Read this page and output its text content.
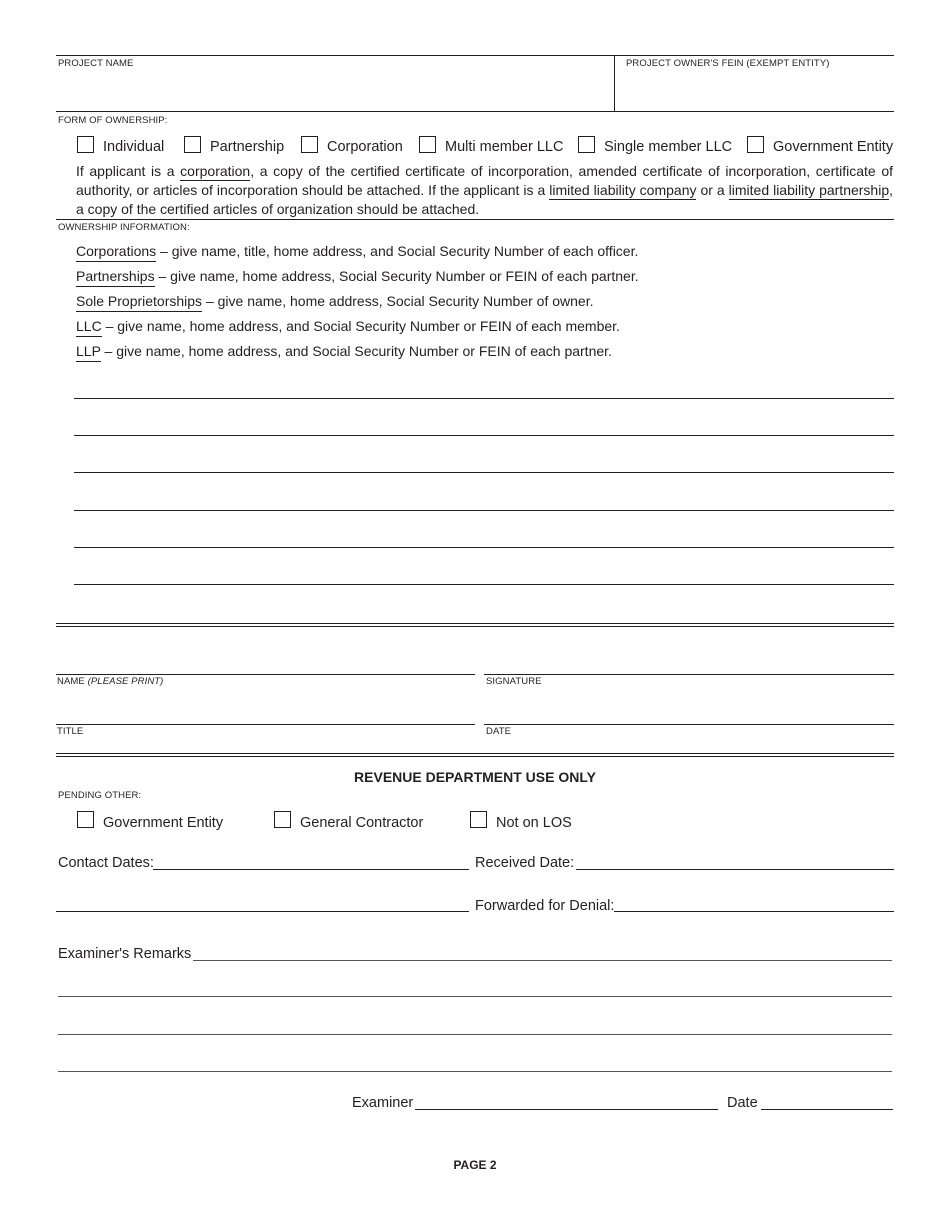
PROJECT NAME	PROJECT OWNER'S FEIN (EXEMPT ENTITY)
FORM OF OWNERSHIP:
Individual	Partnership	Corporation	Multi member LLC	Single member LLC	Government Entity
If applicant is a corporation, a copy of the certified certificate of incorporation, amended certificate of incorporation, certificate of authority, or articles of incorporation should be attached. If the applicant is a limited liability company or a limited liability partnership, a copy of the certified articles of organization should be attached.
OWNERSHIP INFORMATION:
Corporations – give name, title, home address, and Social Security Number of each officer.
Partnerships – give name, home address, Social Security Number or FEIN of each partner.
Sole Proprietorships – give name, home address, Social Security Number of owner.
LLC – give name, home address, and Social Security Number or FEIN of each member.
LLP – give name, home address, and Social Security Number or FEIN of each partner.
NAME (PLEASE PRINT)	SIGNATURE
TITLE	DATE
REVENUE DEPARTMENT USE ONLY
PENDING OTHER:
Government Entity	General Contractor	Not on LOS
Contact Dates:	Received Date:
Forwarded for Denial:
Examiner's Remarks
Examiner	Date
PAGE 2
